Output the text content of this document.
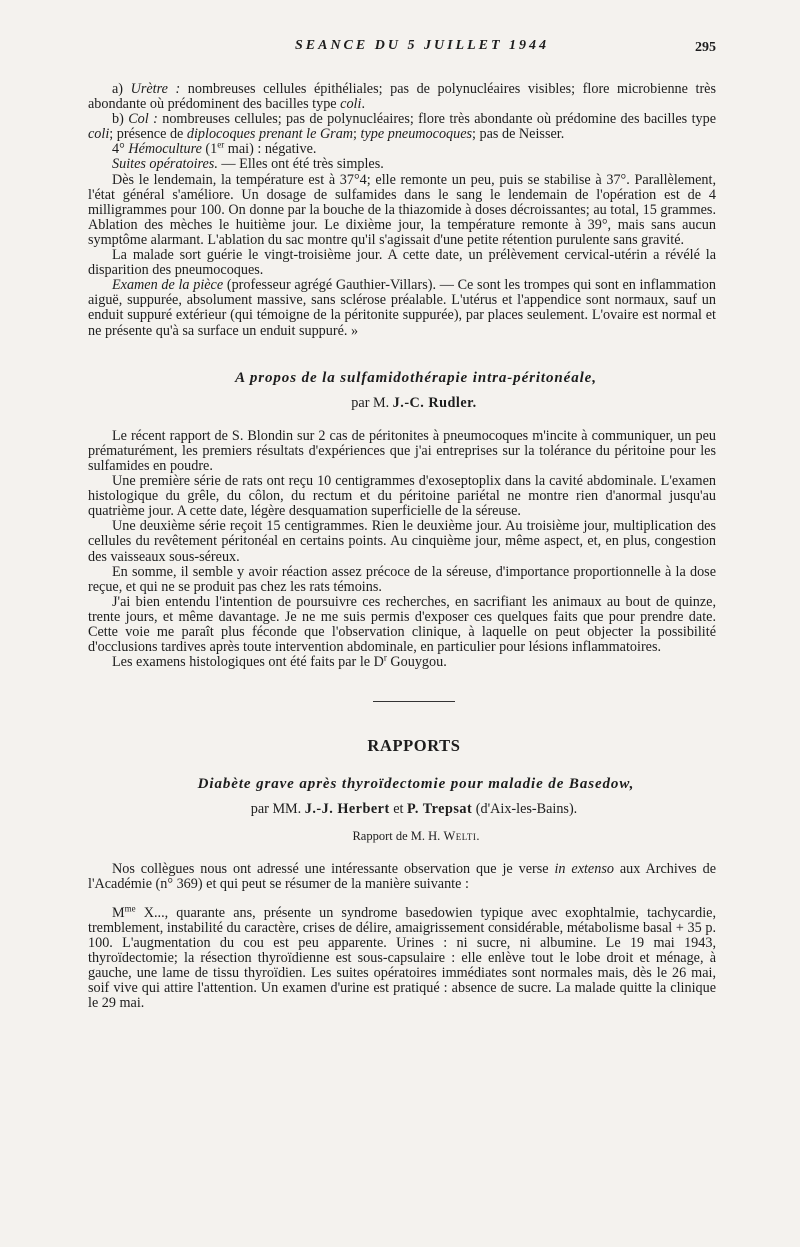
SEANCE DU 5 JUILLET 1944	295

a) Urètre : nombreuses cellules épithéliales; pas de polynucléaires visibles; flore microbienne très abondante où prédominent des bacilles type coli.

b) Col : nombreuses cellules; pas de polynucléaires; flore très abondante où prédomine des bacilles type coli; présence de diplocoques prenant le Gram; type pneumocoques; pas de Neisser.

4° Hémoculture (1er mai) : négative.

Suites opératoires. — Elles ont été très simples.

Dès le lendemain, la température est à 37°4; elle remonte un peu, puis se stabilise à 37°. Parallèlement, l'état général s'améliore. Un dosage de sulfamides dans le sang le lendemain de l'opération est de 4 milligrammes pour 100. On donne par la bouche de la thiazomide à doses décroissantes; au total, 15 grammes. Ablation des mèches le huitième jour. Le dixième jour, la température remonte à 39°, mais sans aucun symptôme alarmant. L'ablation du sac montre qu'il s'agissait d'une petite rétention purulente sans gravité.

La malade sort guérie le vingt-troisième jour. A cette date, un prélèvement cervical-utérin a révélé la disparition des pneumocoques.

Examen de la pièce (professeur agrégé Gauthier-Villars). — Ce sont les trompes qui sont en inflammation aiguë, suppurée, absolument massive, sans sclérose préalable. L'utérus et l'appendice sont normaux, sauf un enduit suppuré extérieur (qui témoigne de la péritonite suppurée), par places seulement. L'ovaire est normal et ne présente qu'à sa surface un enduit suppuré. »

A propos de la sulfamidothérapie intra-péritonéale,
par M. J.-C. Rudler.

Le récent rapport de S. Blondin sur 2 cas de péritonites à pneumocoques m'incite à communiquer, un peu prématurément, les premiers résultats d'expériences que j'ai entreprises sur la tolérance du péritoine pour les sulfamides en poudre.

Une première série de rats ont reçu 10 centigrammes d'exoseptoplix dans la cavité abdominale. L'examen histologique du grêle, du côlon, du rectum et du péritoine pariétal ne montre rien d'anormal jusqu'au quatrième jour. A cette date, légère desquamation superficielle de la séreuse.

Une deuxième série reçoit 15 centigrammes. Rien le deuxième jour. Au troisième jour, multiplication des cellules du revêtement péritonéal en certains points. Au cinquième jour, même aspect, et, en plus, congestion des vaisseaux sous-séreux.

En somme, il semble y avoir réaction assez précoce de la séreuse, d'importance proportionnelle à la dose reçue, et qui ne se produit pas chez les rats témoins.

J'ai bien entendu l'intention de poursuivre ces recherches, en sacrifiant les animaux au bout de quinze, trente jours, et même davantage. Je ne me suis permis d'exposer ces quelques faits que pour prendre date. Cette voie me paraît plus féconde que l'observation clinique, à laquelle on peut objecter la possibilité d'occlusions tardives après toute intervention abdominale, en particulier pour lésions inflammatoires.

Les examens histologiques ont été faits par le $D^r$ Gouygou.

RAPPORTS
Diabète grave après thyroïdectomie pour maladie de Basedow,
par MM. J.-J. Herbert et P. Trepsat (d'Aix-les-Bains).
Rapport de M. H. Welti.

Nos collègues nous ont adressé une intéressante observation que je verse in extenso aux Archives de l'Académie (n° 369) et qui peut se résumer de la manière suivante :

$M^{me}$ X..., quarante ans, présente un syndrome basedowien typique avec exophtalmie, tachycardie, tremblement, instabilité du caractère, crises de délire, amaigrissement considérable, métabolisme basal + 35 p. 100. L'augmentation du cou est peu apparente. Urines : ni sucre, ni albumine. Le 19 mai 1943, thyroïdectomie; la résection thyroïdienne est sous-capsulaire : elle enlève tout le lobe droit et ménage, à gauche, une lame de tissu thyroïdien. Les suites opératoires immédiates sont normales mais, dès le 26 mai, soif vive qui attire l'attention. Un examen d'urine est pratiqué : absence de sucre. La malade quitte la clinique le 29 mai.
